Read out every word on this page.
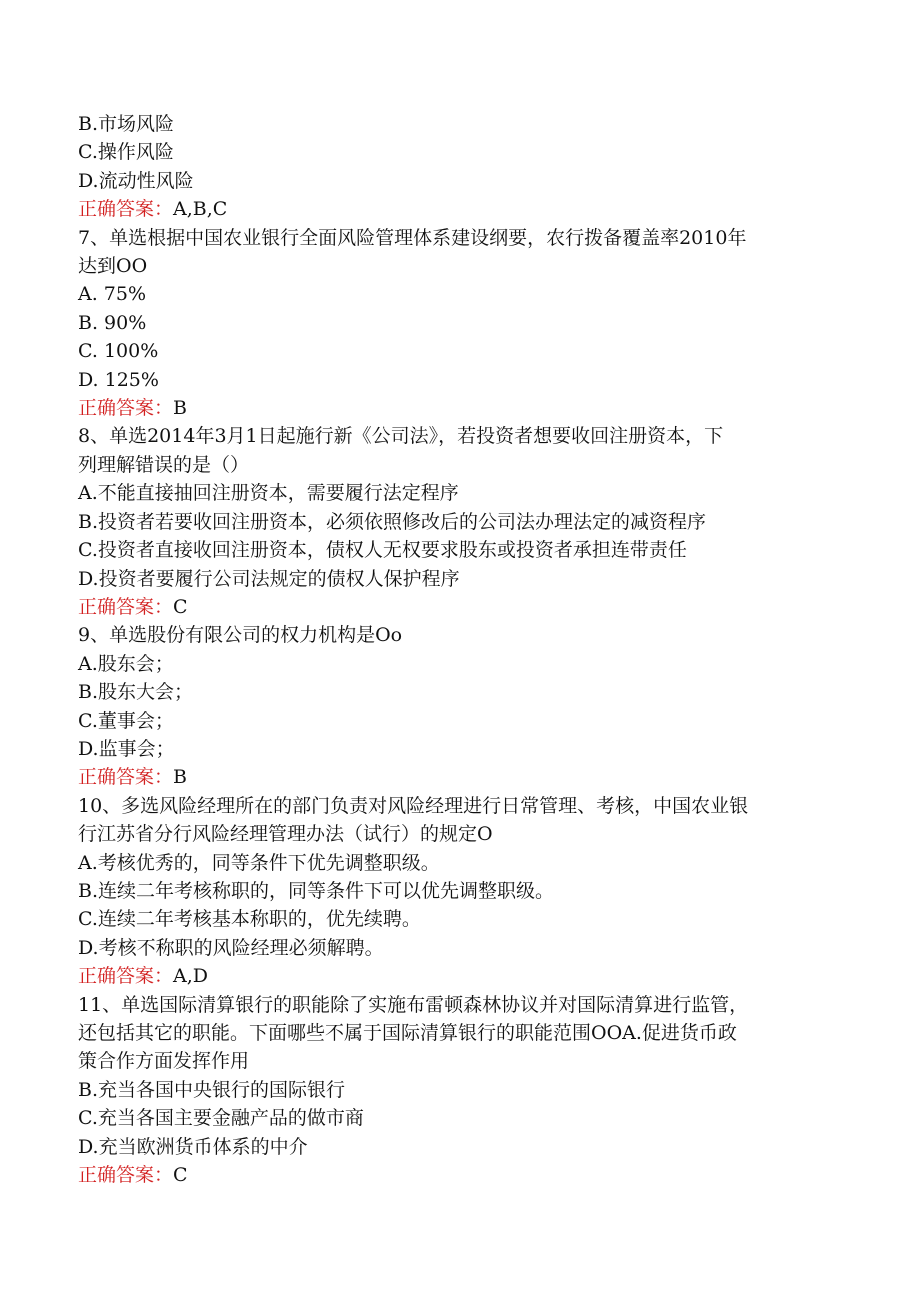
B.市场风险
C.操作风险
D.流动性风险
正确答案：A,B,C
7、单选根据中国农业银行全面风险管理体系建设纲要，农行拨备覆盖率2010年
达到OO
A. 75%
B. 90%
C. 100%
D. 125%
正确答案：B
8、单选2014年3月1日起施行新《公司法》，若投资者想要收回注册资本，下
列理解错误的是（）
A.不能直接抽回注册资本，需要履行法定程序
B.投资者若要收回注册资本，必须依照修改后的公司法办理法定的减资程序
C.投资者直接收回注册资本，债权人无权要求股东或投资者承担连带责任
D.投资者要履行公司法规定的债权人保护程序
正确答案：C
9、单选股份有限公司的权力机构是Oo
A.股东会；
B.股东大会；
C.董事会；
D.监事会；
正确答案：B
10、多选风险经理所在的部门负责对风险经理进行日常管理、考核，中国农业银
行江苏省分行风险经理管理办法（试行）的规定O
A.考核优秀的，同等条件下优先调整职级。
B.连续二年考核称职的，同等条件下可以优先调整职级。
C.连续二年考核基本称职的，优先续聘。
D.考核不称职的风险经理必须解聘。
正确答案：A,D
11、单选国际清算银行的职能除了实施布雷顿森林协议并对国际清算进行监管，
还包括其它的职能。下面哪些不属于国际清算银行的职能范围OOA.促进货币政
策合作方面发挥作用
B.充当各国中央银行的国际银行
C.充当各国主要金融产品的做市商
D.充当欧洲货币体系的中介
正确答案：C
